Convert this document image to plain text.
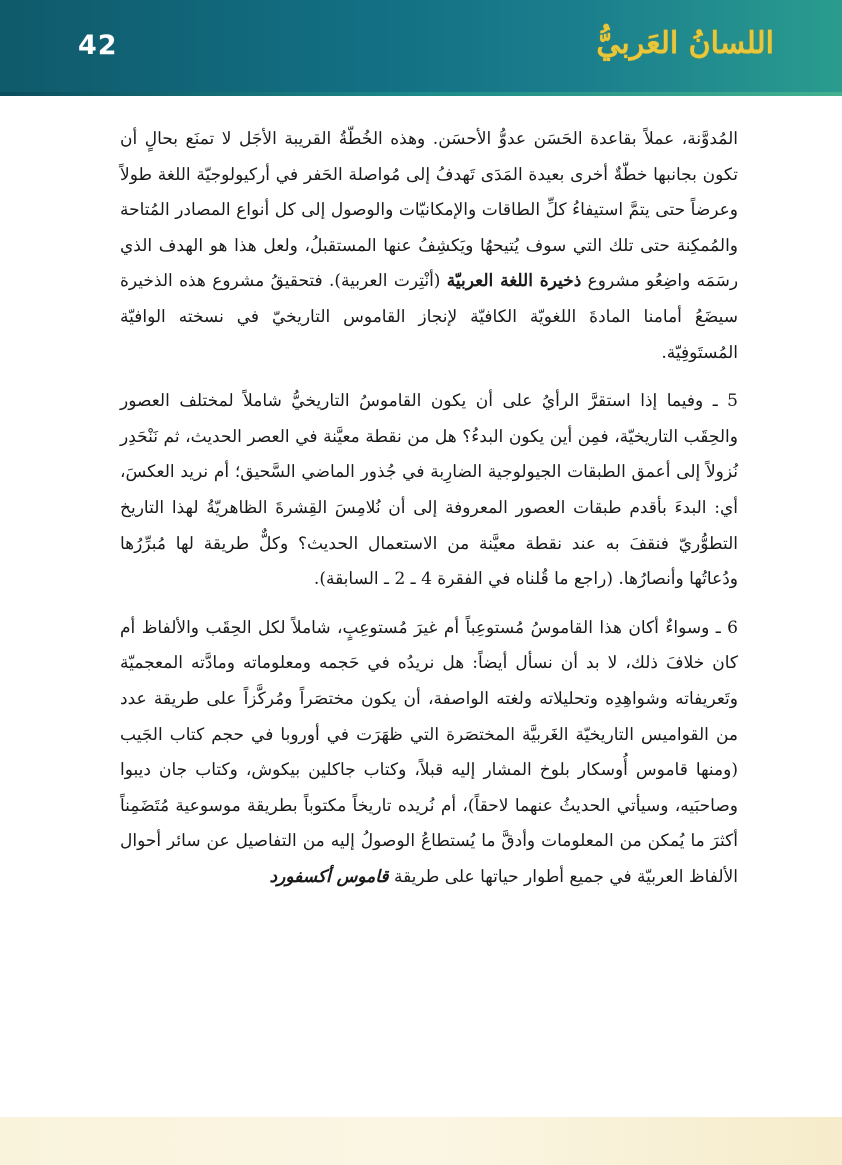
42	اللسانُ العَربيُّ

المُدوَّنة، عملاً بقاعدة الحَسَن عدوُّ الأحسَن. وهذه الخُطّةُ القريبة الأجَل لا تمنَع بحالٍ أن تكون بجانبها خطّةٌ أخرى بعيدة المَدَى تَهدفُ إلى مُواصلة الحَفر في أركيولوجيّة اللغة طولاً وعرضاً حتى يتمَّ استيفاءُ كلِّ الطاقات والإمكانيّات والوصول إلى كل أنواع المصادر المُتاحة والمُمكِنة حتى تلك التي سوف يُتيحهُا ويَكشِفُ عنها المستقبلُ، ولعل هذا هو الهدف الذي رسَمَه واضِعُو مشروع ذخيرة اللغة العربيّة (أنْتِرت العربية). فتحقيقُ مشروع هذه الذخيرة سيضَعُ أمامنا المادةَ اللغويّة الكافيّة لإنجاز القاموس التاريخيّ في نسخته الوافيّة المُستَوفِيّة.

5 ـ وفيما إذا استقرَّ الرأيُ على أن يكون القاموسُ التاريخيُّ شاملاً لمختلف العصور والحِقَب التاريخيّة، فمِن أين يكون البدءُ؟ هل من نقطة معيَّنة في العصر الحديث، ثم نَنْحَدِر نُزولاً إلى أعمق الطبقات الجيولوجية الضارِبة في جُذور الماضي السَّحيق؛ أم نريد العكسَ، أي: البدءَ بأقدم طبقات العصور المعروفة إلى أن نُلامِسَ القِشرةَ الظاهريّةُ لهذا التاريخ التطوُّريّ فنقفَ به عند نقطة معيَّنة من الاستعمال الحديث؟ وكلٌّ طريقة لها مُبرِّرُها ودُعاتُها وأنصارُها. (راجع ما قُلناه في الفقرة 4 ـ 2 ـ السابقة).

6 ـ وسواءٌ أكان هذا القاموسُ مُستوعِباً أم غيرَ مُستوعِبٍ، شاملاً لكل الحِقَب والألفاظ أم كان خلافَ ذلك، لا بد أن نسأل أيضاً: هل نريدُه في حَجمه ومعلوماته ومادَّته المعجميّة وتَعريفاته وشواهِدِه وتحليلاته ولغته الواصفة، أن يكون مختصَراً ومُركَّزاً على طريقة عدد من القواميس التاريخيّة الغَربيَّة المختصَرة التي ظهَرَت في أوروبا في حجم كتاب الجَيب (ومنها قاموس أُوسكار بلوخ المشار إليه قبلاً، وكتاب جاكلين بيكوش، وكتاب جان ديبوا وصاحبَيه، وسيأتي الحديثُ عنهما لاحقاً)، أم نُريده تاريخاً مكتوباً بطريقة موسوعية مُتَضَمِناً أكثرَ ما يُمكن من المعلومات وأدقَّ ما يُستطاعُ الوصولُ إليه من التفاصيل عن سائر أحوال الألفاظ العربيّة في جميع أطوار حياتها على طريقة قاموس أكسفورد
